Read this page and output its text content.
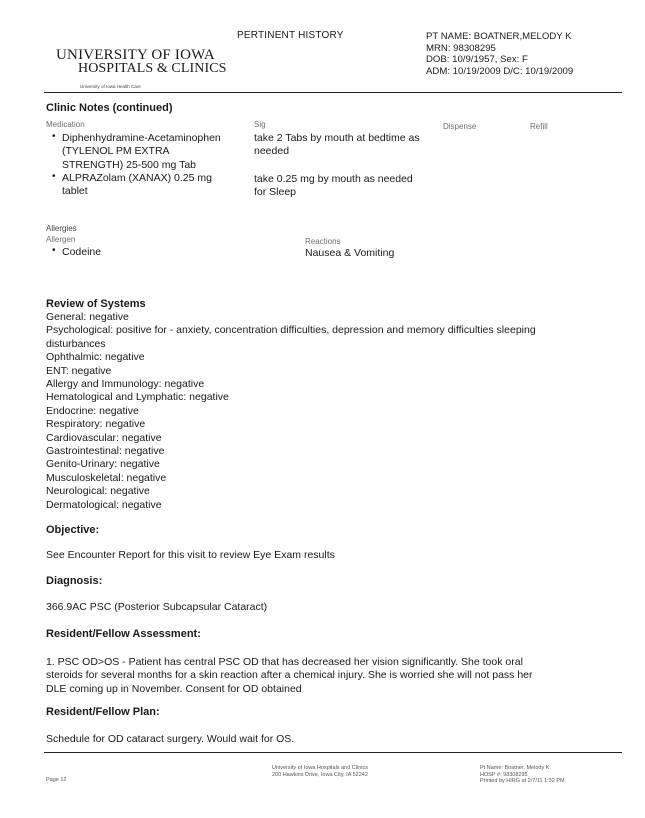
UNIVERSITY OF IOWA
HOSPITALS & CLINICS
University of Iowa Health Care
PERTINENT HISTORY	PT NAME: BOATNER,MELODY K
MRN: 98308295
DOB: 10/9/1957, Sex: F
ADM: 10/19/2009 D/C: 10/19/2009
Clinic Notes (continued)
Medication	Sig	Dispense	Refill
• Diphenhydramine-Acetaminophen
(TYLENOL PM EXTRA
STRENGTH) 25-500 mg Tab
take 2 Tabs by mouth at bedtime as
needed
• ALPRAZolam (XANAX) 0.25 mg
tablet
take 0.25 mg by mouth as needed
for Sleep
Allergies
Allergen	Reactions
• Codeine	Nausea & Vomiting
Review of Systems
General: negative
Psychological: positive for - anxiety, concentration difficulties, depression and memory difficulties sleeping
disturbances
Ophthalmic: negative
ENT: negative
Allergy and Immunology: negative
Hematological and Lymphatic: negative
Endocrine: negative
Respiratory: negative
Cardiovascular: negative
Gastrointestinal: negative
Genito-Urinary: negative
Musculoskeletal: negative
Neurological: negative
Dermatological: negative
Objective:
See Encounter Report for this visit to review Eye Exam results
Diagnosis:
366.9AC PSC (Posterior Subcapsular Cataract)
Resident/Fellow Assessment:
1. PSC OD>OS - Patient has central PSC OD that has decreased her vision significantly. She took oral
steroids for several months for a skin reaction after a chemical injury. She is worried she will not pass her
DLE coming up in November. Consent for OD obtained
Resident/Fellow Plan:
Schedule for OD cataract surgery. Would wait for OS.
Page 12
University of Iowa Hospitals and Clinics
200 Hawkins Drive, Iowa City, IA 52242
Pt Name: Boatner, Melody K
HOSP #: 98308295
Printed by HIRG at 2/7/11 1:32 PM
